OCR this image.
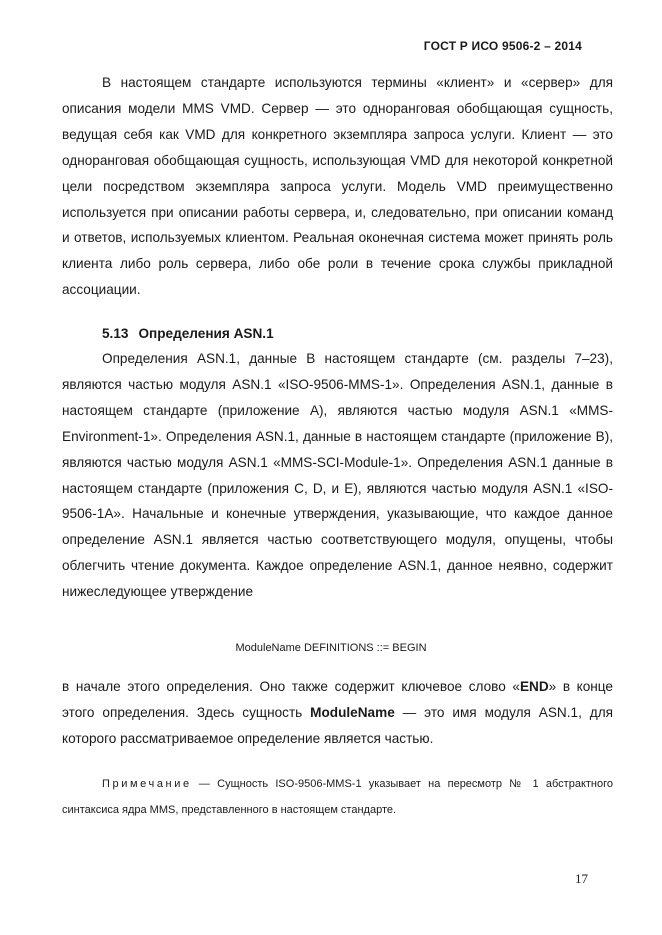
ГОСТ Р ИСО 9506-2 – 2014

В настоящем стандарте используются термины «клиент» и «сервер» для описания модели MMS VMD. Сервер — это одноранговая обобщающая сущность, ведущая себя как VMD для конкретного экземпляра запроса услуги. Клиент — это одноранговая обобщающая сущность, использующая VMD для некоторой конкретной цели посредством экземпляра запроса услуги. Модель VMD преимущественно используется при описании работы сервера, и, следовательно, при описании команд и ответов, используемых клиентом. Реальная оконечная система может принять роль клиента либо роль сервера, либо обе роли в течение срока службы прикладной ассоциации.

5.13 Определения ASN.1

Определения ASN.1, данные В настоящем стандарте (см. разделы 7–23), являются частью модуля ASN.1 «ISO-9506-MMS-1». Определения ASN.1, данные в настоящем стандарте (приложение А), являются частью модуля ASN.1 «MMS-Environment-1». Определения ASN.1, данные в настоящем стандарте (приложение В), являются частью модуля ASN.1 «MMS-SCI-Module-1». Определения ASN.1 данные в настоящем стандарте (приложения С, D, и Е), являются частью модуля ASN.1 «ISO-9506-1A». Начальные и конечные утверждения, указывающие, что каждое данное определение ASN.1 является частью соответствующего модуля, опущены, чтобы облегчить чтение документа. Каждое определение ASN.1, данное неявно, содержит нижеследующее утверждение

ModuleName DEFINITIONS ::= BEGIN

в начале этого определения. Оно также содержит ключевое слово «END» в конце этого определения. Здесь сущность ModuleName — это имя модуля ASN.1, для которого рассматриваемое определение является частью.

Примечание — Сущность ISO-9506-MMS-1 указывает на пересмотр № 1 абстрактного синтаксиса ядра MMS, представленного в настоящем стандарте.

17
